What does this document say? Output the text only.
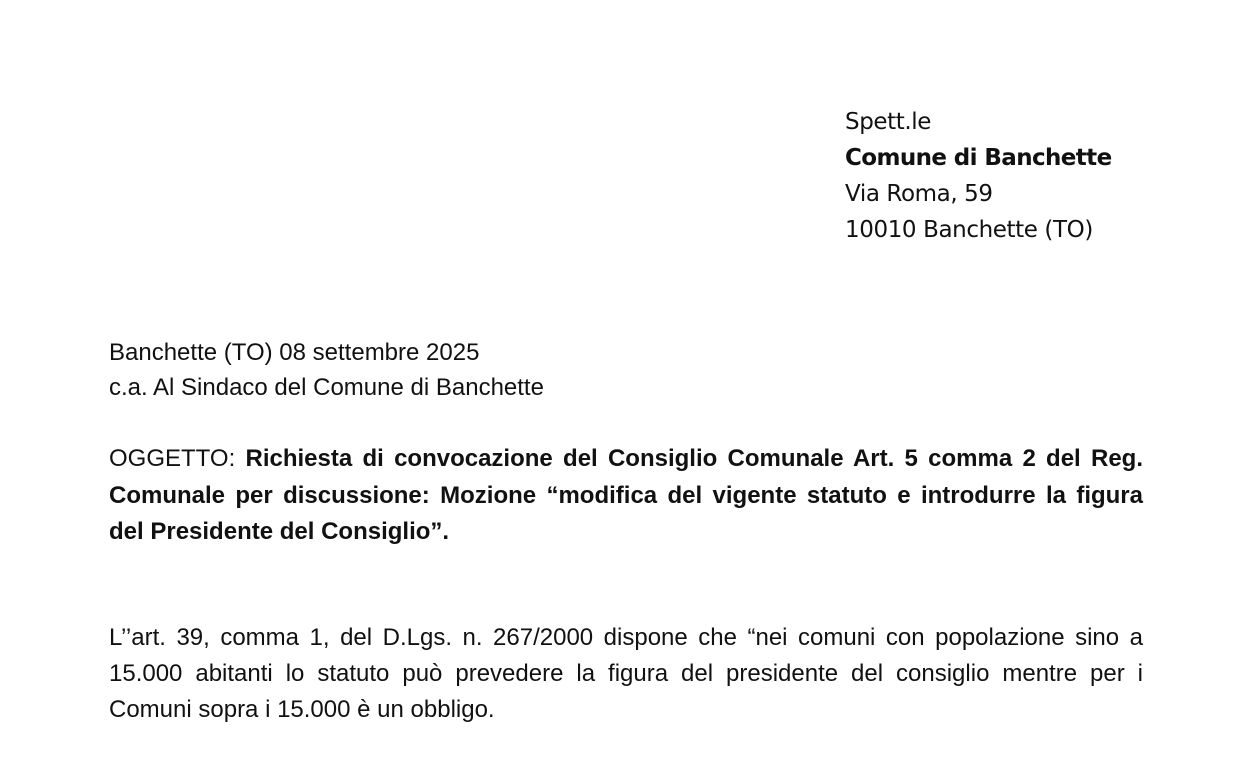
Spett.le
Comune di Banchette
Via Roma, 59
10010 Banchette (TO)
Banchette (TO) 08 settembre 2025
c.a. Al Sindaco del Comune di Banchette
OGGETTO: Richiesta di convocazione del Consiglio Comunale Art. 5 comma 2 del Reg. Comunale per discussione: Mozione “modifica del vigente statuto e introdurre la figura del Presidente del Consiglio”.
L’’art. 39, comma 1, del D.Lgs. n. 267/2000 dispone che “nei comuni con popolazione sino a 15.000 abitanti lo statuto può prevedere la figura del presidente del consiglio mentre per i Comuni sopra i 15.000 è un obbligo.
